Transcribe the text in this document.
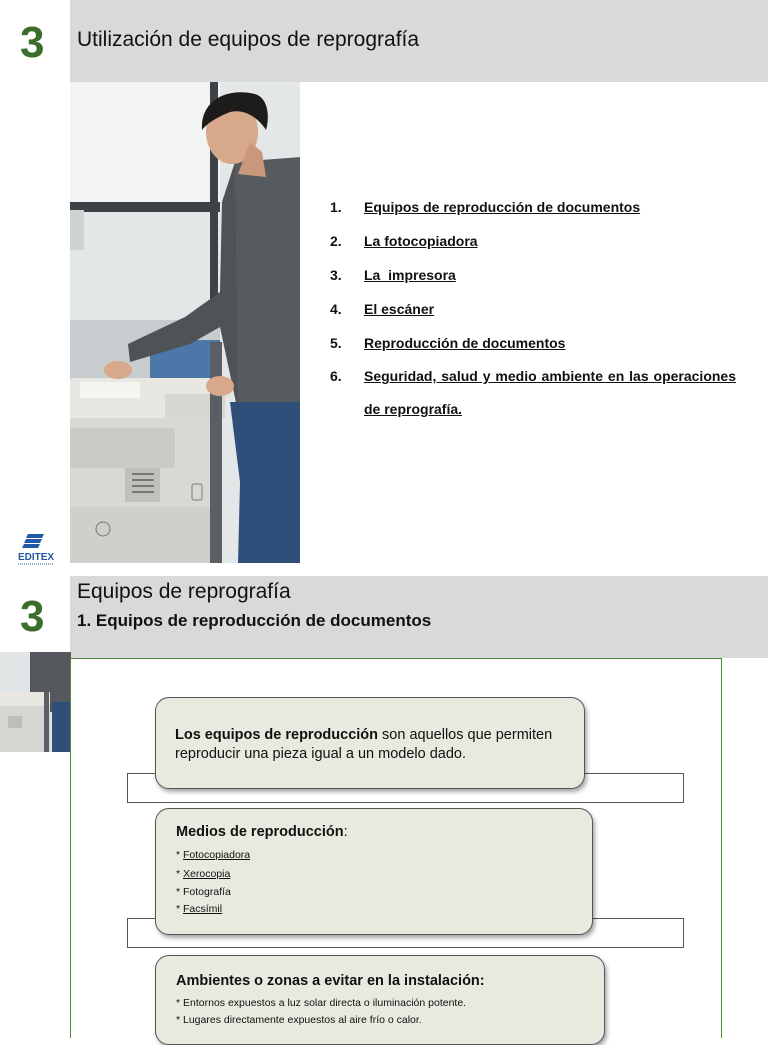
3 Utilización de equipos de reprografía
1. Equipos de reproducción de documentos
2. La fotocopiadora
3. La  impresora
4. El escáner
5. Reproducción de documentos
6. Seguridad, salud y medio ambiente en las operaciones de reprografía.
EDITEX
3
Equipos de reprografía
1. Equipos de reproducción de documentos
Los equipos de reproducción son aquellos que permiten reproducir una pieza igual a un modelo dado.
Medios de reproducción:
* Fotocopiadora
* Xerocopia
* Fotografía
* Facsímil
Ambientes o zonas a evitar en la instalación:
* Entornos expuestos a luz solar directa o iluminación potente.
* Lugares directamente expuestos al aire frío o calor.
